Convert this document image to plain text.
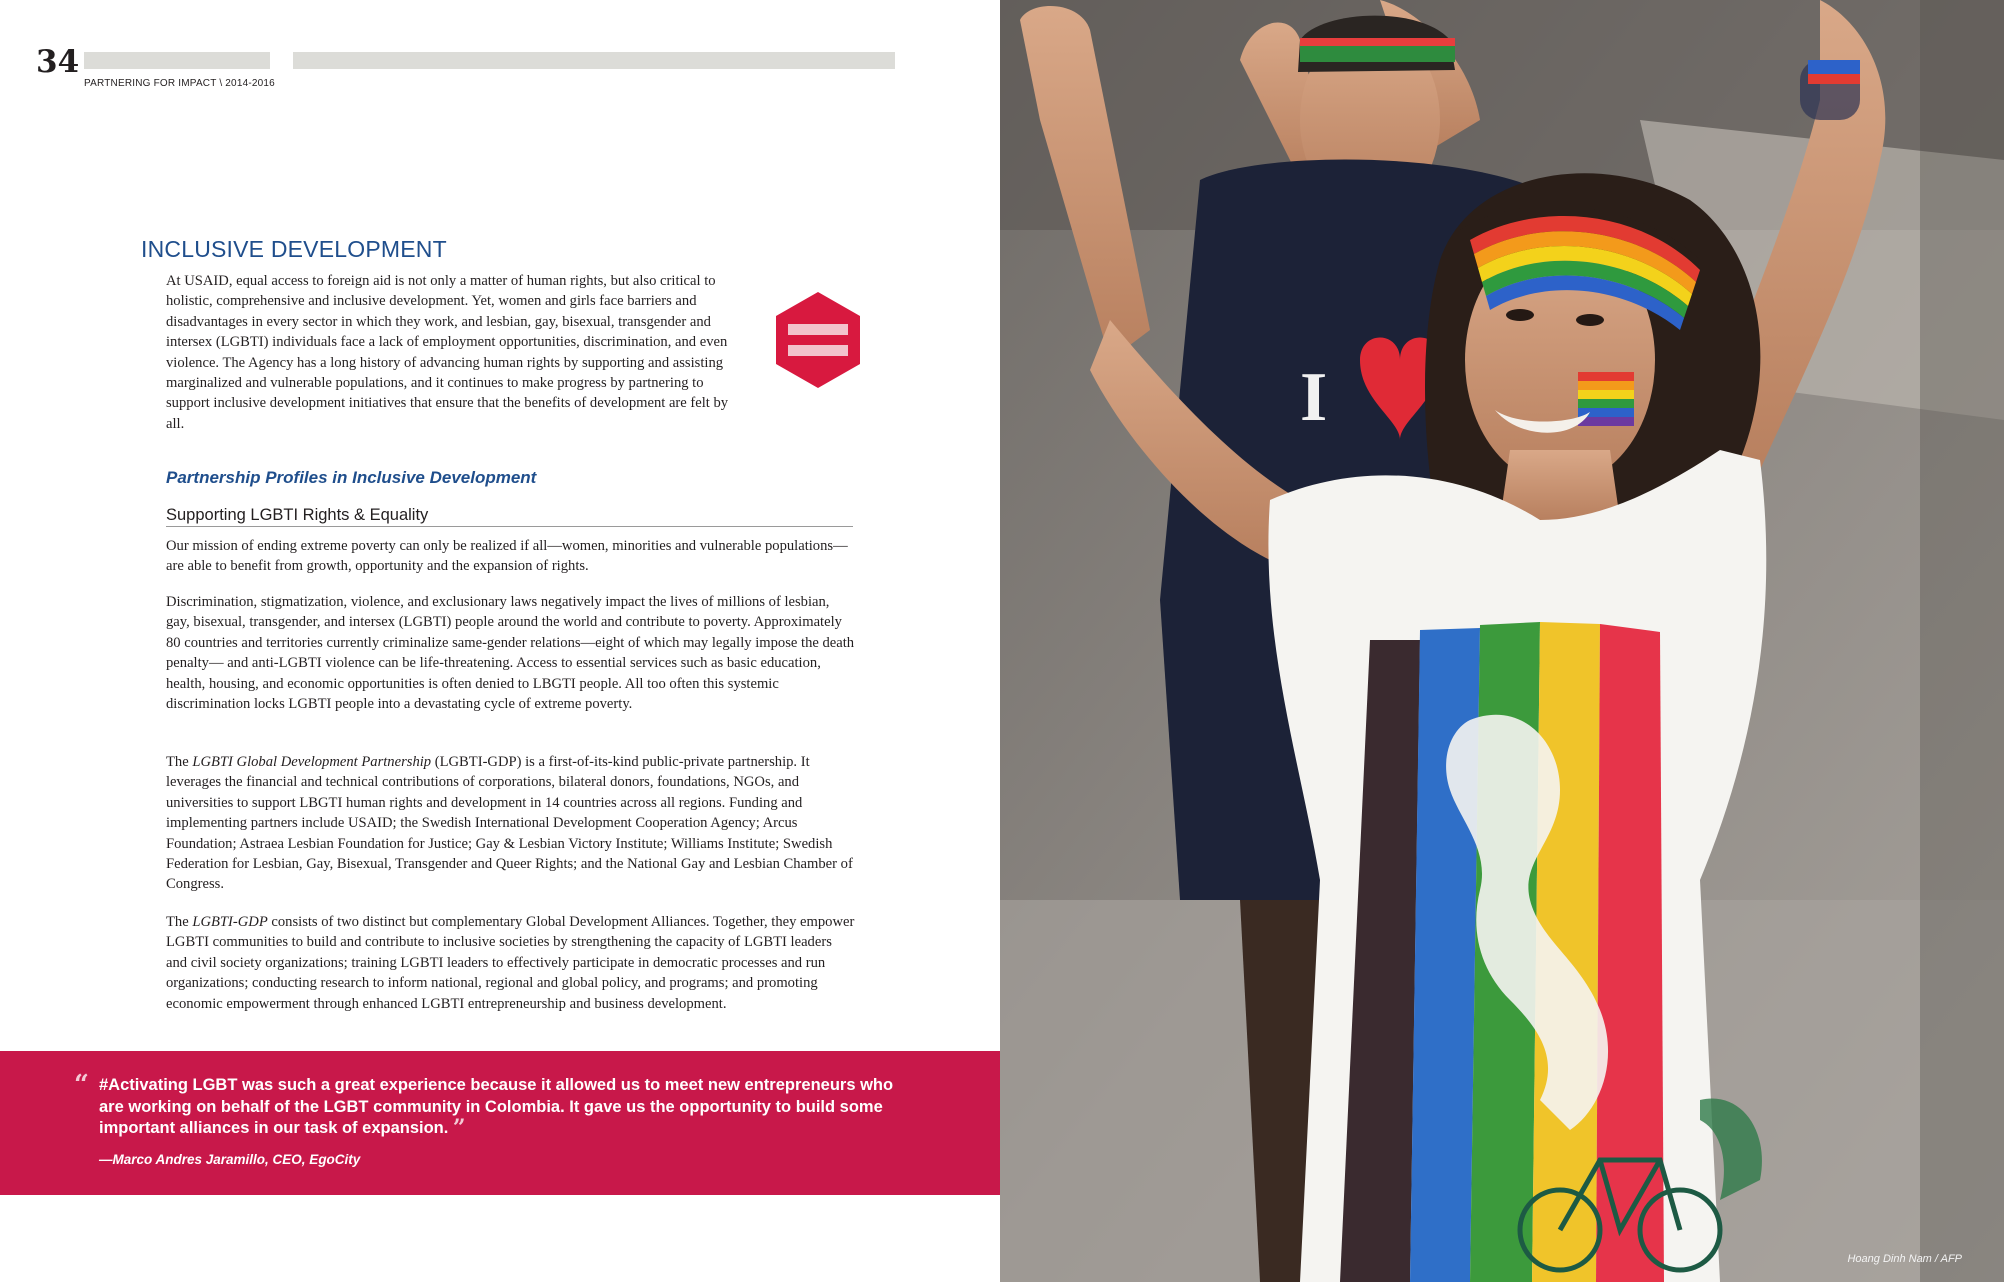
34
PARTNERING FOR IMPACT \ 2014-2016
INCLUSIVE DEVELOPMENT

At USAID, equal access to foreign aid is not only a matter of human rights, but also critical to holistic, comprehensive and inclusive development. Yet, women and girls face barriers and disadvantages in every sector in which they work, and lesbian, gay, bisexual, transgender and intersex (LGBTI) individuals face a lack of employment opportunities, discrimination, and even violence. The Agency has a long history of advancing human rights by supporting and assisting marginalized and vulnerable populations, and it continues to make progress by partnering to support inclusive development initiatives that ensure that the benefits of development are felt by all.

Partnership Profiles in Inclusive Development
Supporting LGBTI Rights & Equality

Our mission of ending extreme poverty can only be realized if all—women, minorities and vulnerable populations—are able to benefit from growth, opportunity and the expansion of rights.

Discrimination, stigmatization, violence, and exclusionary laws negatively impact the lives of millions of lesbian, gay, bisexual, transgender, and intersex (LGBTI) people around the world and contribute to poverty. Approximately 80 countries and territories currently criminalize same-gender relations—eight of which may legally impose the death penalty— and anti-LGBTI violence can be life-threatening. Access to essential services such as basic education, health, housing, and economic opportunities is often denied to LBGTI people. All too often this systemic discrimination locks LGBTI people into a devastating cycle of extreme poverty.

The LGBTI Global Development Partnership (LGBTI-GDP) is a first-of-its-kind public-private partnership. It leverages the financial and technical contributions of corporations, bilateral donors, foundations, NGOs, and universities to support LBGTI human rights and development in 14 countries across all regions. Funding and implementing partners include USAID; the Swedish International Development Cooperation Agency; Arcus Foundation; Astraea Lesbian Foundation for Justice; Gay & Lesbian Victory Institute; Williams Institute; Swedish Federation for Lesbian, Gay, Bisexual, Transgender and Queer Rights; and the National Gay and Lesbian Chamber of Congress.

The LGBTI-GDP consists of two distinct but complementary Global Development Alliances. Together, they empower LGBTI communities to build and contribute to inclusive societies by strengthening the capacity of LGBTI leaders and civil society organizations; training LGBTI leaders to effectively participate in democratic processes and run organizations; conducting research to inform national, regional and global policy, and programs; and promoting economic empowerment through enhanced LGBTI entrepreneurship and business development.

“ #Activating LGBT was such a great experience because it allowed us to meet new entrepreneurs who are working on behalf of the LGBT community in Colombia. It gave us the opportunity to build some important alliances in our task of expansion. ”
—Marco Andres Jaramillo, CEO, EgoCity
I
Hoang Dinh Nam / AFP
